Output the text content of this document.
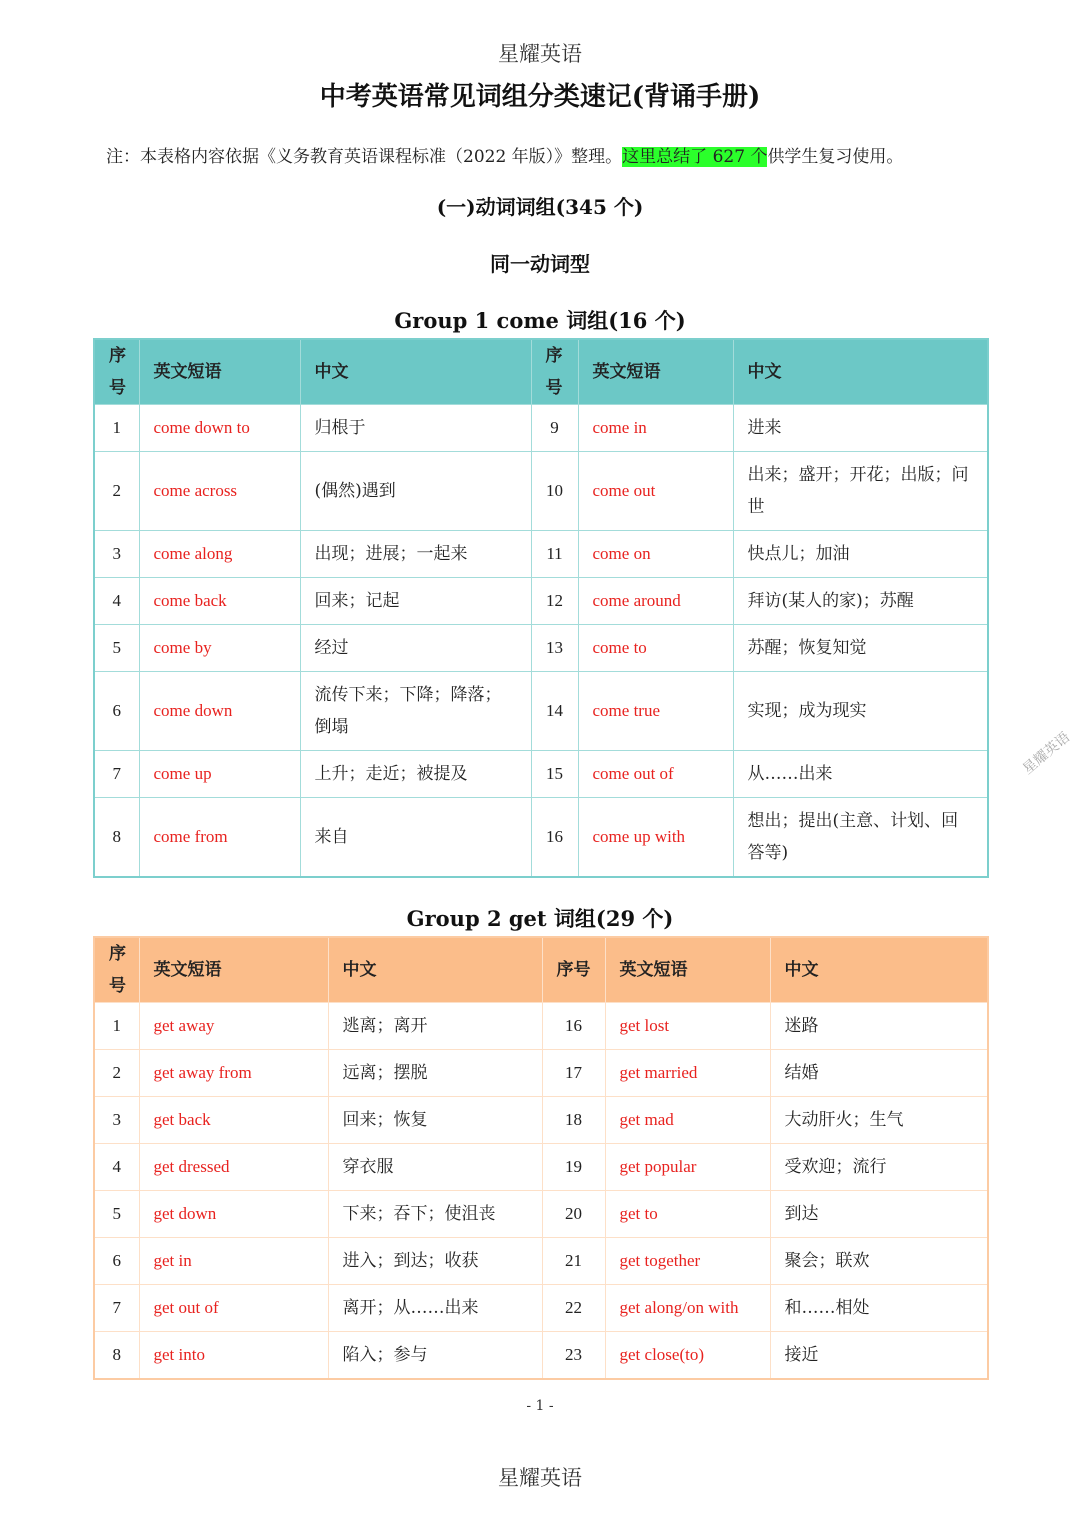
星耀英语
中考英语常见词组分类速记(背诵手册)
注：本表格内容依据《义务教育英语课程标准（2022 年版）》整理。这里总结了 627 个供学生复习使用。
(一)动词词组(345 个)
同一动词型
Group 1 come 词组(16 个)
序号	英文短语	中文	序号	英文短语	中文
1	come down to	归根于	9	come in	进来
2	come across	(偶然)遇到	10	come out	出来；盛开；开花；出版；问世
3	come along	出现；进展；一起来	11	come on	快点儿；加油
4	come back	回来；记起	12	come around	拜访(某人的家)；苏醒
5	come by	经过	13	come to	苏醒；恢复知觉
6	come down	流传下来；下降；降落；倒塌	14	come true	实现；成为现实
7	come up	上升；走近；被提及	15	come out of	从……出来
8	come from	来自	16	come up with	想出；提出(主意、计划、回答等)
Group 2 get 词组(29 个)
序号	英文短语	中文	序号	英文短语	中文
1	get away	逃离；离开	16	get lost	迷路
2	get away from	远离；摆脱	17	get married	结婚
3	get back	回来；恢复	18	get mad	大动肝火；生气
4	get dressed	穿衣服	19	get popular	受欢迎；流行
5	get down	下来；吞下；使沮丧	20	get to	到达
6	get in	进入；到达；收获	21	get together	聚会；联欢
7	get out of	离开；从……出来	22	get along/on with	和……相处
8	get into	陷入；参与	23	get close(to)	接近
- 1 -
星耀英语
星耀英语
